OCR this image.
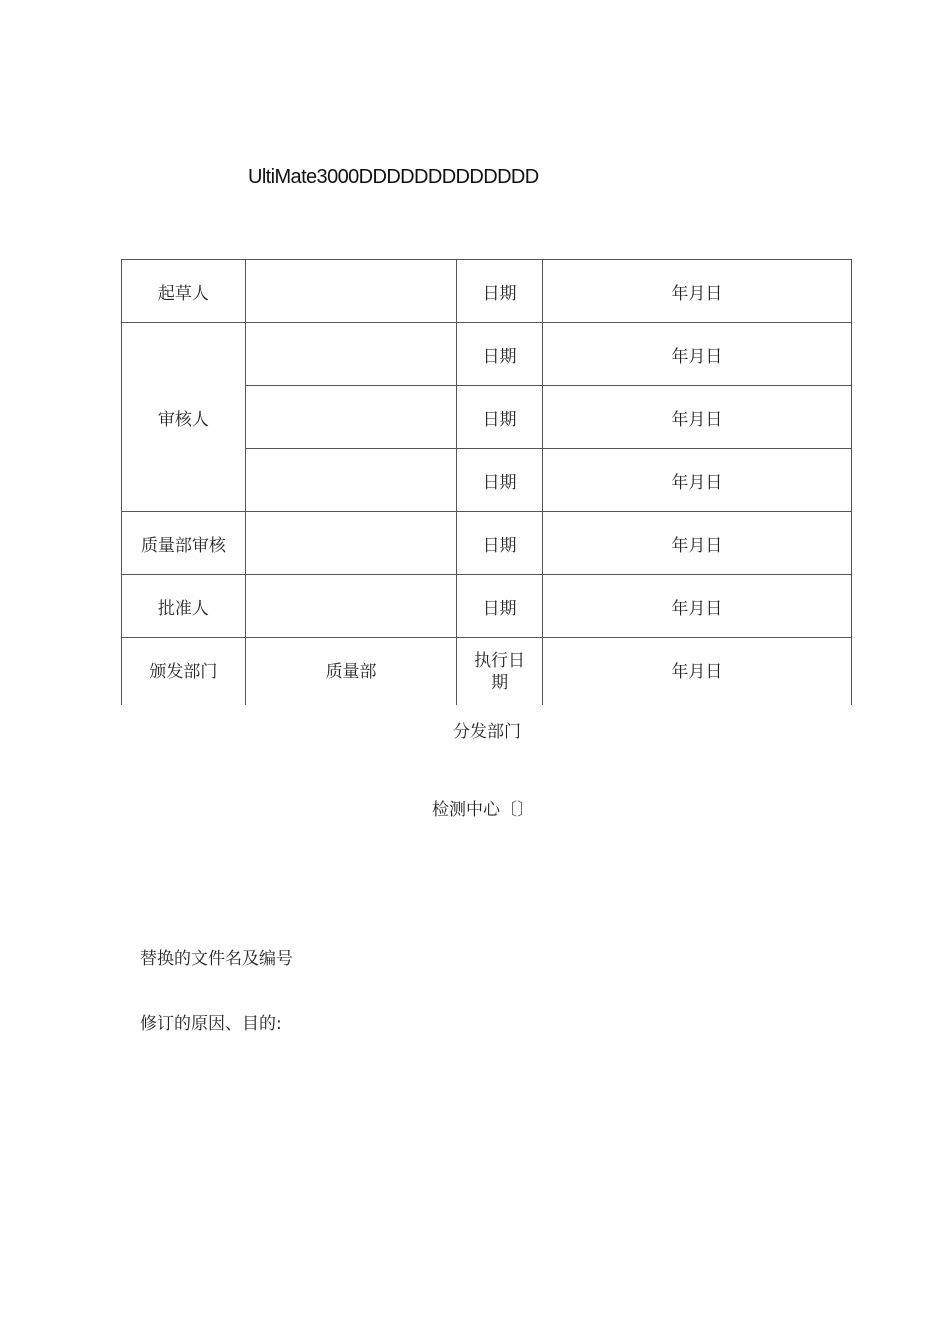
UltiMate3000DDDDDDDDDDDDD
起草人		日期	年月日
审核人		日期	年月日
		日期	年月日
		日期	年月日
质量部审核		日期	年月日
批准人		日期	年月日
颁发部门	质量部	执行日期	年月日
分发部门
检测中心〔〕
替换的文件名及编号
修订的原因、目的:
